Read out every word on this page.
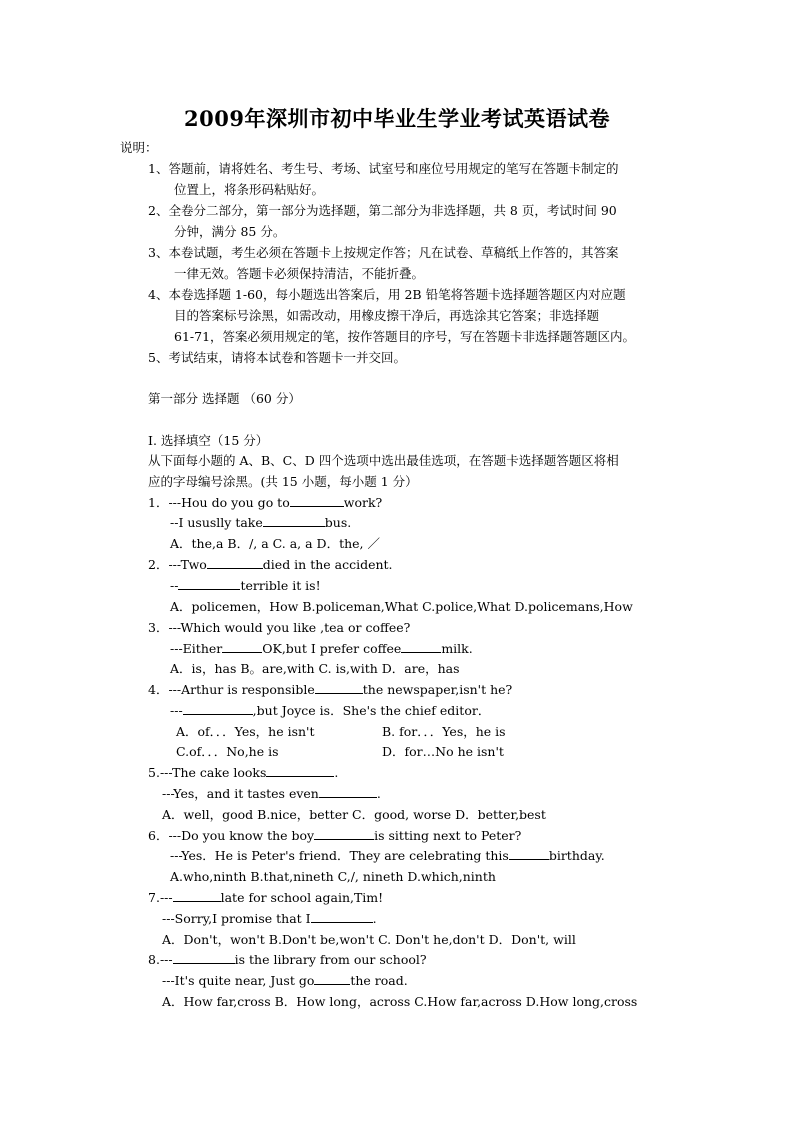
2009年深圳市初中毕业生学业考试英语试卷
说明：
1、答题前，请将姓名、考生号、考场、试室号和座位号用规定的笔写在答题卡制定的
位置上，将条形码粘贴好。
2、全卷分二部分，第一部分为选择题，第二部分为非选择题，共 8 页，考试时间 90
分钟，满分 85 分。
3、本卷试题，考生必须在答题卡上按规定作答；凡在试卷、草稿纸上作答的，其答案
一律无效。答题卡必须保持清洁，不能折叠。
4、本卷选择题 1-60，每小题选出答案后，用 2B 铅笔将答题卡选择题答题区内对应题
目的答案标号涂黑，如需改动，用橡皮擦干净后，再选涂其它答案；非选择题
61-71，答案必须用规定的笔，按作答题目的序号，写在答题卡非选择题答题区内。
5、考试结束，请将本试卷和答题卡一并交回。
第一部分 选择题 （60 分）
I. 选择填空（15 分）
从下面每小题的 A、B、C、D 四个选项中选出最佳选项，在答题卡选择题答题区将相
应的字母编号涂黑。(共 15 小题，每小题 1 分）
1．---Hou do you go to	work?
--I ususlly take	bus.
A．the,a B．/, a C. a, a D．the, ／
2．---Two	died in the accident.
--	terrible it is!
A．policemen，How B.policeman,What C.police,What D.policemans,How
3．---Which would you like ,tea or coffee?
---Either	OK,but I prefer coffee	milk.
A．is，has B。are,with C. is,with D．are，has
4．---Arthur is responsible	the newspaper,isn't he?
---	,but Joyce is．She's the chief editor．
A．of．．．Yes，he isn't	B. for．．．Yes，he is
C.of．．．No,he is	D．for…No he isn't
5.---The cake looks	.
---Yes，and it tastes even	.
A．well，good B.nice，better C．good, worse D．better,best
6．---Do you know the boy	is sitting next to Peter?
---Yes．He is Peter's friend．They are celebrating this	birthday.
A.who,ninth B.that,nineth C,/, nineth D.which,ninth
7.---	late for school again,Tim!
---Sorry,I promise that I	.
A．Don't，won't B.Don't be,won't C. Don't he,don't D．Don't, will
8.---	is the library from our school?
---It's quite near, Just go	the road.
A．How far,cross B．How long，across C.How far,across D.How long,cross
